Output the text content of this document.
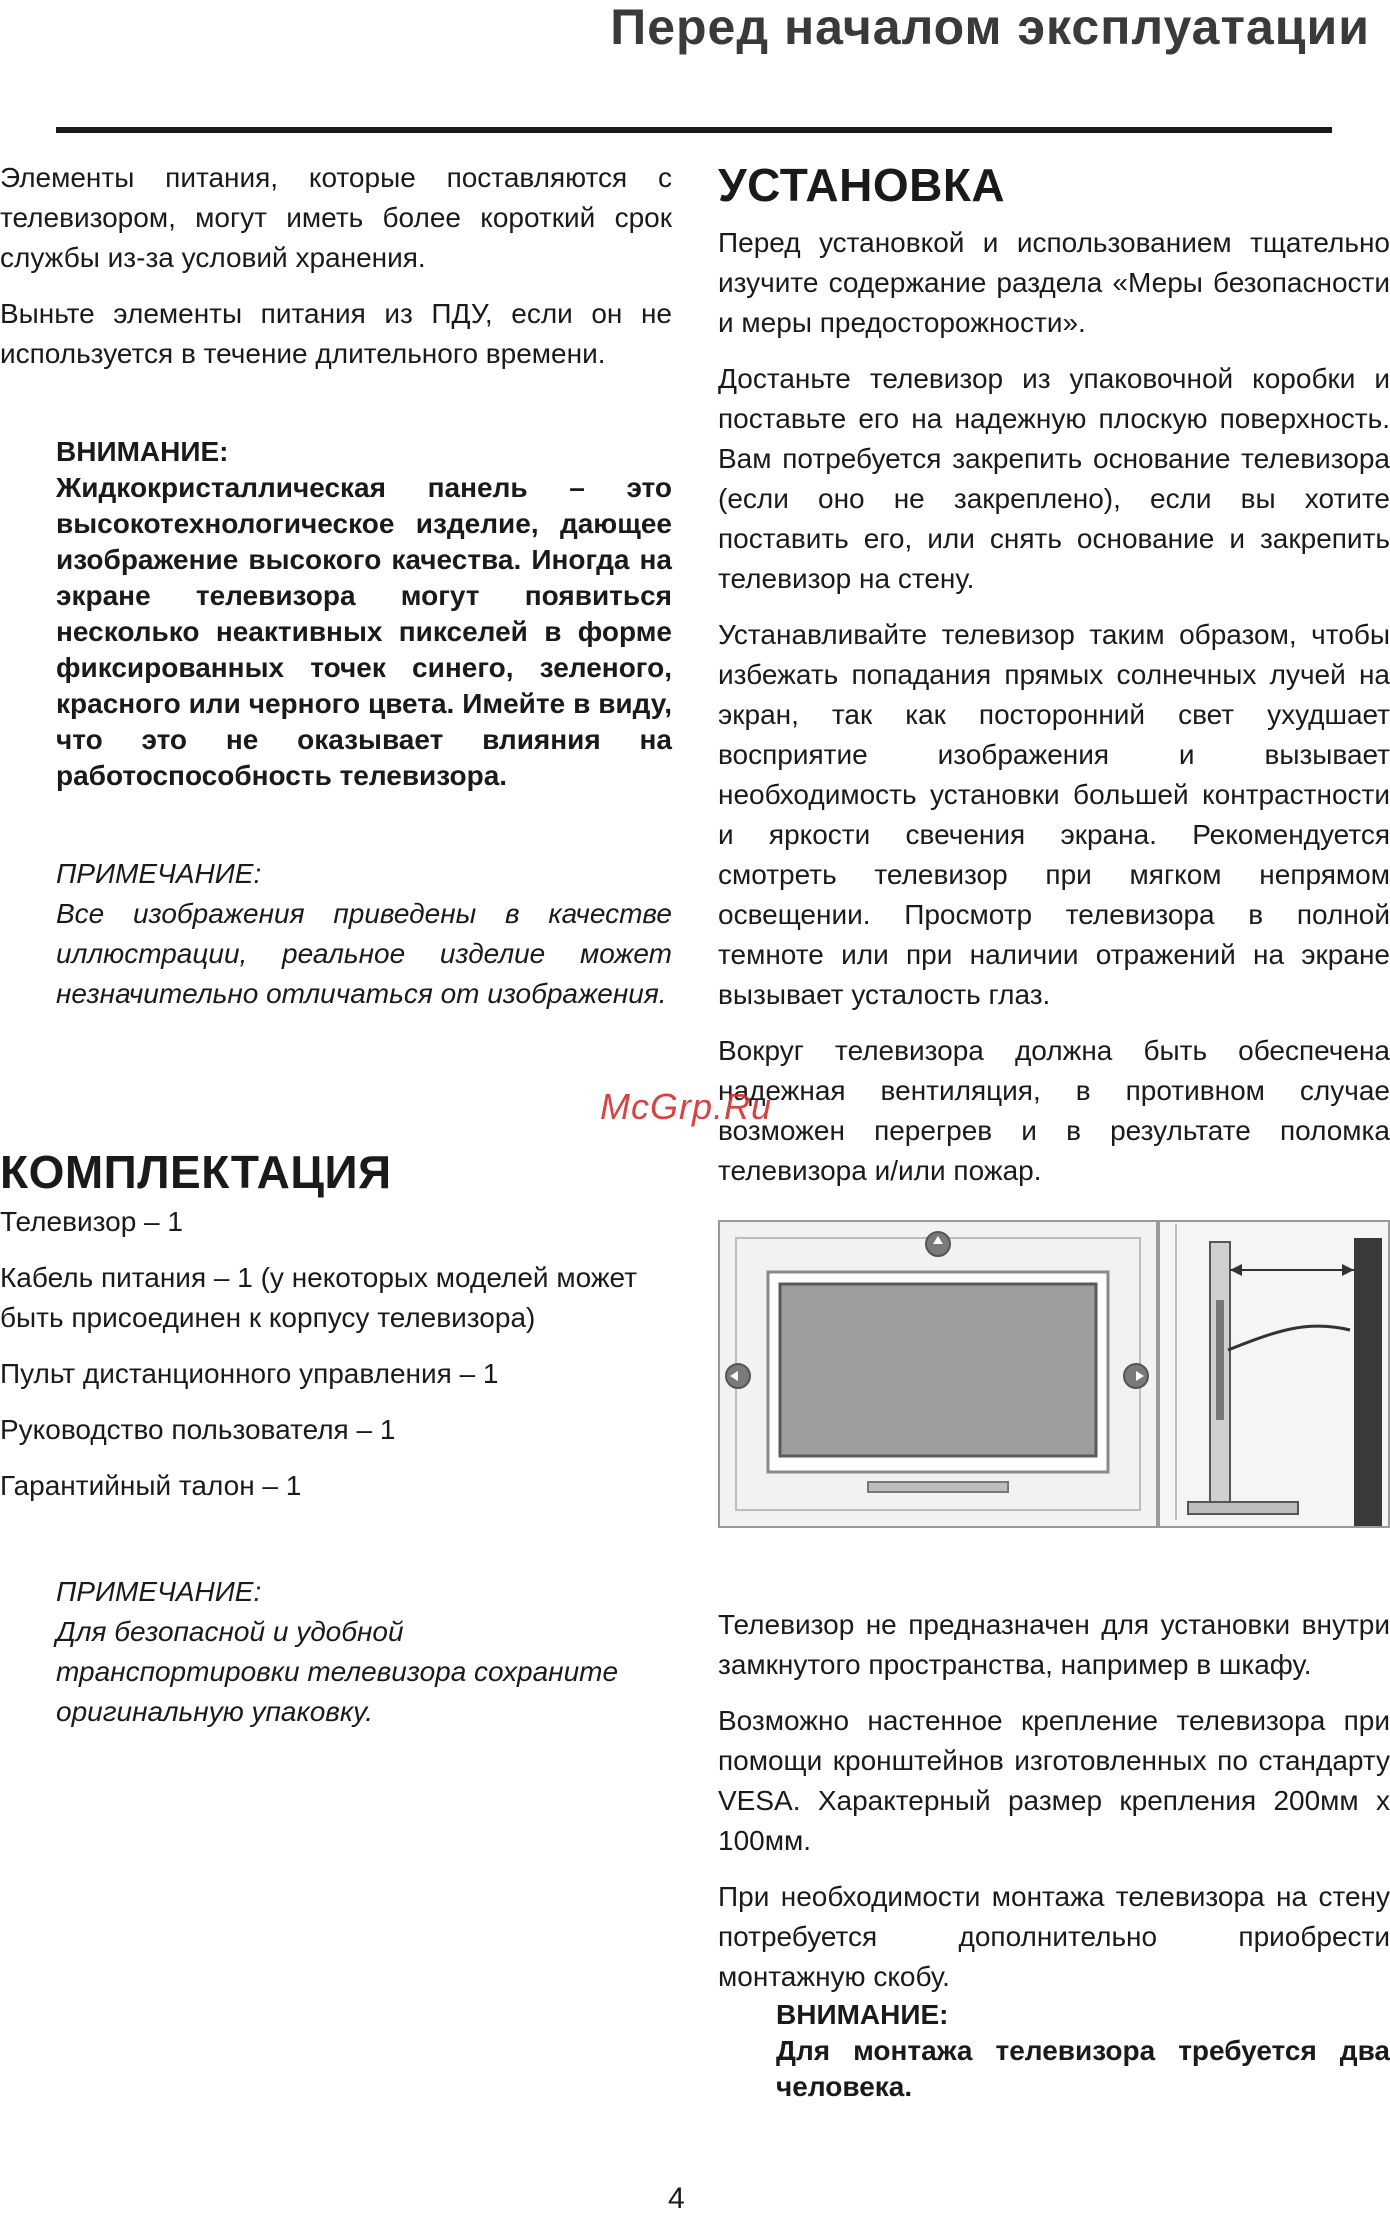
Перед началом эксплуатации

Элементы питания, которые поставляются с телевизором, могут иметь более короткий срок службы из-за условий хранения.

Выньте элементы питания из ПДУ, если он не используется в течение длительного времени.

ВНИМАНИЕ:

Жидкокристаллическая панель – это высокотехнологическое изделие, дающее изображение высокого качества. Иногда на экране телевизора могут появиться несколько неактивных пикселей в форме фиксированных точек синего, зеленого, красного или черного цвета. Имейте в виду, что это не оказывает влияния на работоспособность телевизора.

ПРИМЕЧАНИЕ:

Все изображения приведены в качестве иллюстрации, реальное изделие может незначительно отличаться от изображения.

КОМПЛЕКТАЦИЯ

Телевизор – 1

Кабель питания – 1 (у некоторых моделей может быть присоединен к корпусу телевизора)

Пульт дистанционного управления – 1

Руководство пользователя – 1

Гарантийный талон – 1

ПРИМЕЧАНИЕ:

Для безопасной и удобной транспортировки телевизора сохраните оригинальную упаковку.

УСТАНОВКА

Перед установкой и использованием тщательно изучите содержание раздела «Меры безопасности и меры предосторожности».

Достаньте телевизор из упаковочной коробки и поставьте его на надежную плоскую поверхность. Вам потребуется закрепить основание телевизора (если оно не закреплено), если вы хотите поставить его, или снять основание и закрепить телевизор на стену.

Устанавливайте телевизор таким образом, чтобы избежать попадания прямых солнечных лучей на экран, так как посторонний свет ухудшает восприятие изображения и вызывает необходимость установки большей контрастности и яркости свечения экрана. Рекомендуется смотреть телевизор при мягком непрямом освещении. Просмотр телевизора в полной темноте или при наличии отражений на экране вызывает усталость глаз.

Вокруг телевизора должна быть обеспечена надежная вентиляция, в противном случае возможен перегрев и в результате поломка телевизора и/или пожар.

Телевизор не предназначен для установки внутри замкнутого пространства, например в шкафу.

Возможно настенное крепление телевизора при помощи кронштейнов изготовленных по стандарту VESA. Характерный размер крепления 200мм х 100мм.

При необходимости монтажа телевизора на стену потребуется дополнительно приобрести монтажную скобу.

ВНИМАНИЕ:

Для монтажа телевизора требуется два человека.

McGrp.Ru
4
